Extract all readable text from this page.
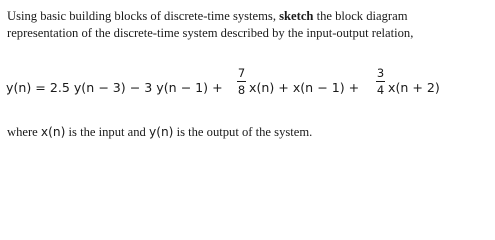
Using basic building blocks of discrete-time systems, sketch the block diagram
representation of the discrete-time system described by the input-output relation,
y(n) = 2.5 y(n − 3) − 3 y(n − 1) +
7
8 x(n) + x(n − 1) +
3
4 x(n + 2)
where x(n) is the input and y(n) is the output of the system.
